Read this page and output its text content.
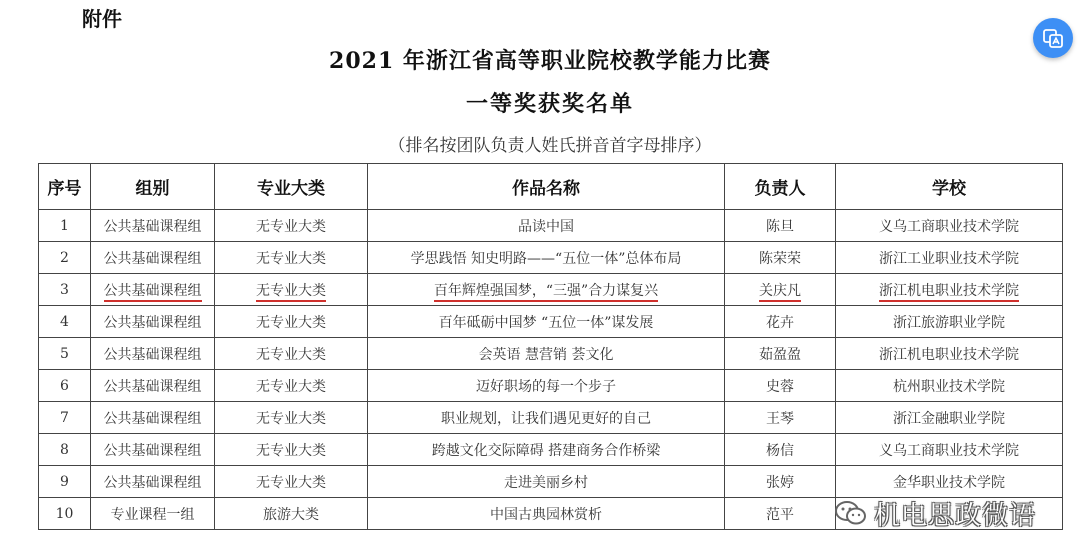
附件
2021 年浙江省高等职业院校教学能力比赛
一等奖获奖名单
（排名按团队负责人姓氏拼音首字母排序）
序号	组别	专业大类	作品名称	负责人	学校
1	公共基础课程组	无专业大类	品读中国	陈旦	义乌工商职业技术学院
2	公共基础课程组	无专业大类	学思践悟 知史明路——“五位一体”总体布局	陈荣荣	浙江工业职业技术学院
3	公共基础课程组	无专业大类	百年辉煌强国梦，“三强”合力谋复兴	关庆凡	浙江机电职业技术学院
4	公共基础课程组	无专业大类	百年砥砺中国梦 “五位一体”谋发展	花卉	浙江旅游职业学院
5	公共基础课程组	无专业大类	会英语 慧营销 荟文化	茹盈盈	浙江机电职业技术学院
6	公共基础课程组	无专业大类	迈好职场的每一个步子	史蓉	杭州职业技术学院
7	公共基础课程组	无专业大类	职业规划，让我们遇见更好的自己	王琴	浙江金融职业学院
8	公共基础课程组	无专业大类	跨越文化交际障碍 搭建商务合作桥梁	杨信	义乌工商职业技术学院
9	公共基础课程组	无专业大类	走进美丽乡村	张婷	金华职业技术学院
10	专业课程一组	旅游大类	中国古典园林赏析	范平		机电思政微语
